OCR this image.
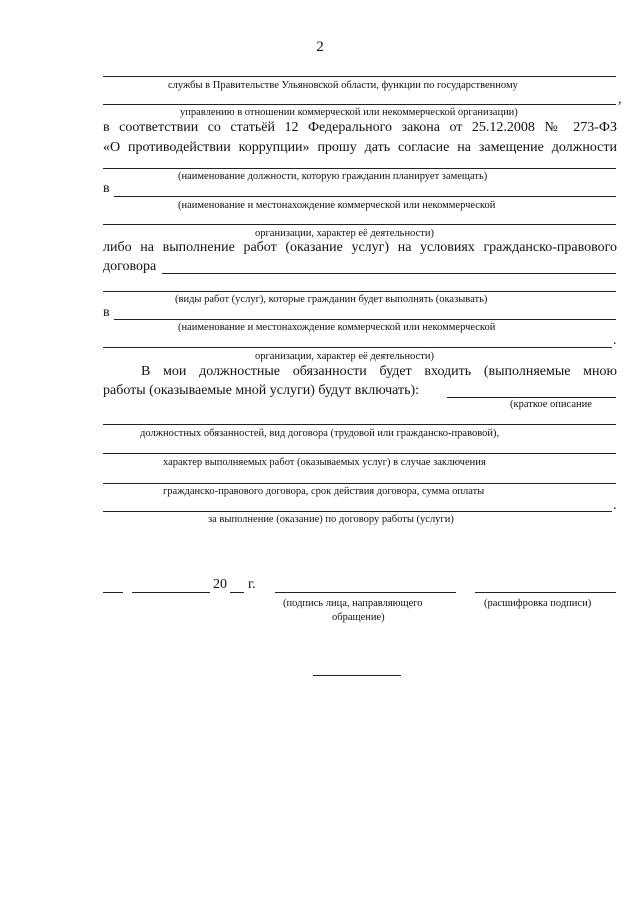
2
службы в Правительстве Ульяновской области, функции по государственному
,
управлению в отношении коммерческой или некоммерческой организации)
в соответствии со статьёй 12 Федерального закона от 25.12.2008 № 273-ФЗ
«О противодействии коррупции» прошу дать согласие на замещение должности
(наименование должности, которую гражданин планирует замещать)
в
(наименование и местонахождение коммерческой или некоммерческой
организации, характер её деятельности)
либо на выполнение работ (оказание услуг) на условиях гражданско-правового
договора
(виды работ (услуг), которые гражданин будет выполнять (оказывать)
в
(наименование и местонахождение коммерческой или некоммерческой
.
организации, характер её деятельности)
В мои должностные обязанности будет входить (выполняемые мною
работы (оказываемые мной услуги) будут включать):
(краткое описание
должностных обязанностей, вид договора (трудовой или гражданско-правовой),
характер выполняемых работ (оказываемых услуг) в случае заключения
гражданско-правового договора, срок действия договора, сумма оплаты
.
за выполнение (оказание) по договору работы (услуги)
20 г.
(подпись лица, направляющего
обращение)
(расшифровка подписи)
